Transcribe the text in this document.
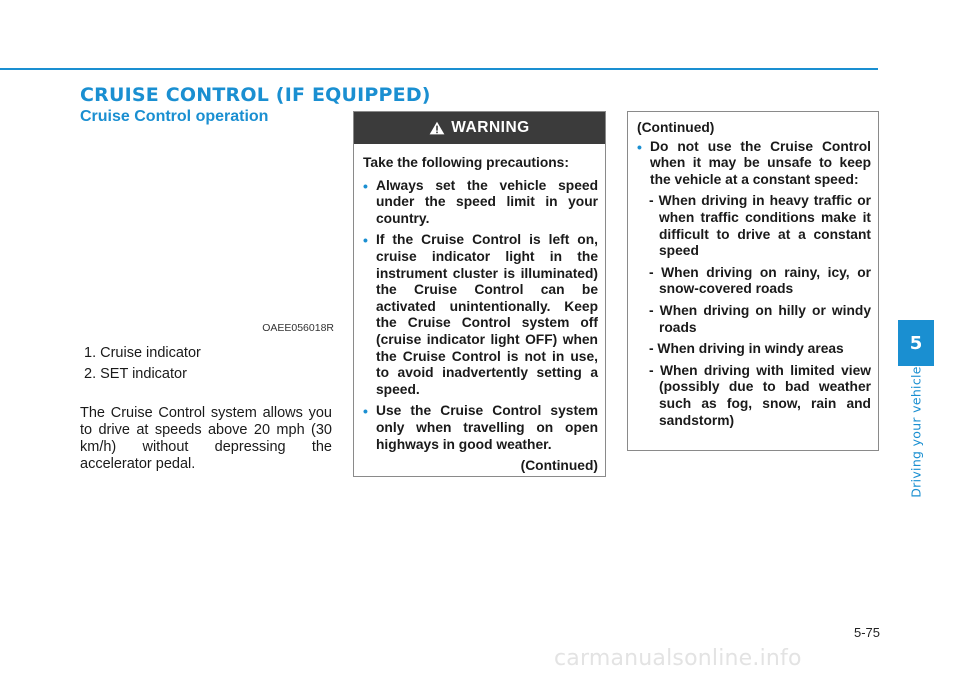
CRUISE CONTROL (IF EQUIPPED)
Cruise Control operation
OAEE056018R
1. Cruise indicator
2. SET indicator

The Cruise Control system allows you to drive at speeds above 20 mph (30 km/h) without depressing the accelerator pedal.

WARNING

Take the following precautions:

• Always set the vehicle speed under the speed limit in your country.

• If the Cruise Control is left on, cruise indicator light in the instrument cluster is illuminated) the Cruise Control can be activated unintentionally. Keep the Cruise Control system off (cruise indicator light OFF) when the Cruise Control is not in use, to avoid inadvertently setting a speed.

• Use the Cruise Control system only when travelling on open highways in good weather.

(Continued)

(Continued)

• Do not use the Cruise Control when it may be unsafe to keep the vehicle at a constant speed:

- When driving in heavy traffic or when traffic conditions make it difficult to drive at a constant speed

- When driving on rainy, icy, or snow-covered roads

- When driving on hilly or windy roads

- When driving in windy areas

- When driving with limited view (possibly due to bad weather such as fog, snow, rain and sandstorm)

5
Driving your vehicle
5-75
carmanualsonline.info
